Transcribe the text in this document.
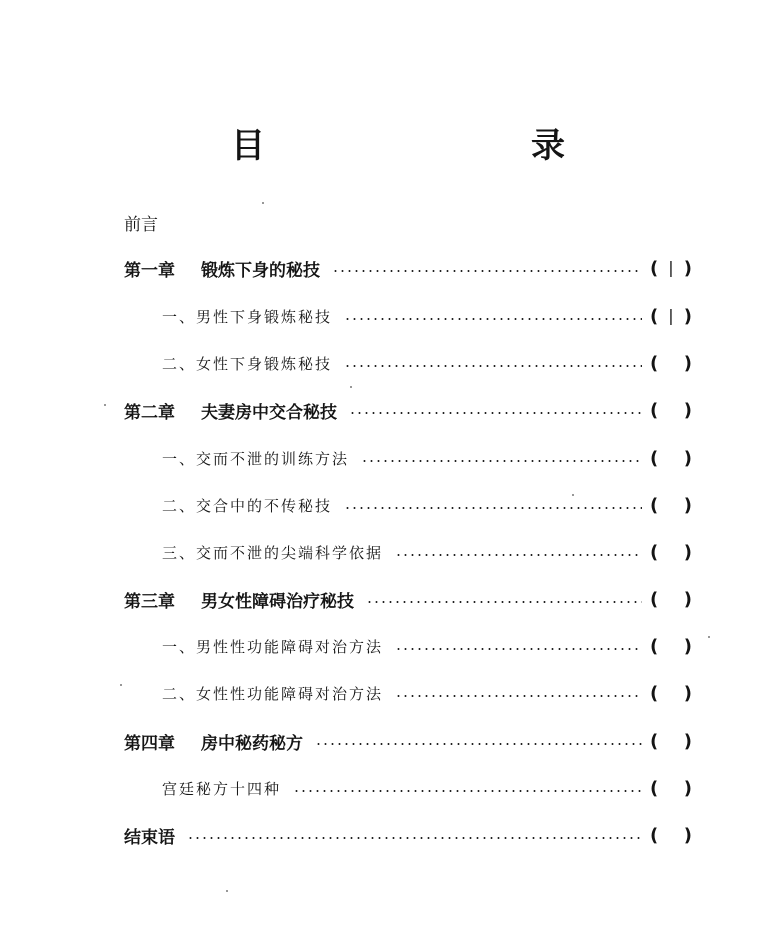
目　　录
前言
第一章 锻炼下身的秘技	( | )
一、男性下身锻炼秘技	( | )
二、女性下身锻炼秘技	( )
第二章 夫妻房中交合秘技	( )
一、交而不泄的训练方法	( )
二、交合中的不传秘技	( )
三、交而不泄的尖端科学依据	( )
第三章 男女性障碍治疗秘技	( )
一、男性性功能障碍对治方法	( )
二、女性性功能障碍对治方法	( )
第四章 房中秘药秘方	( )
宫廷秘方十四种	( )
结束语	( )
